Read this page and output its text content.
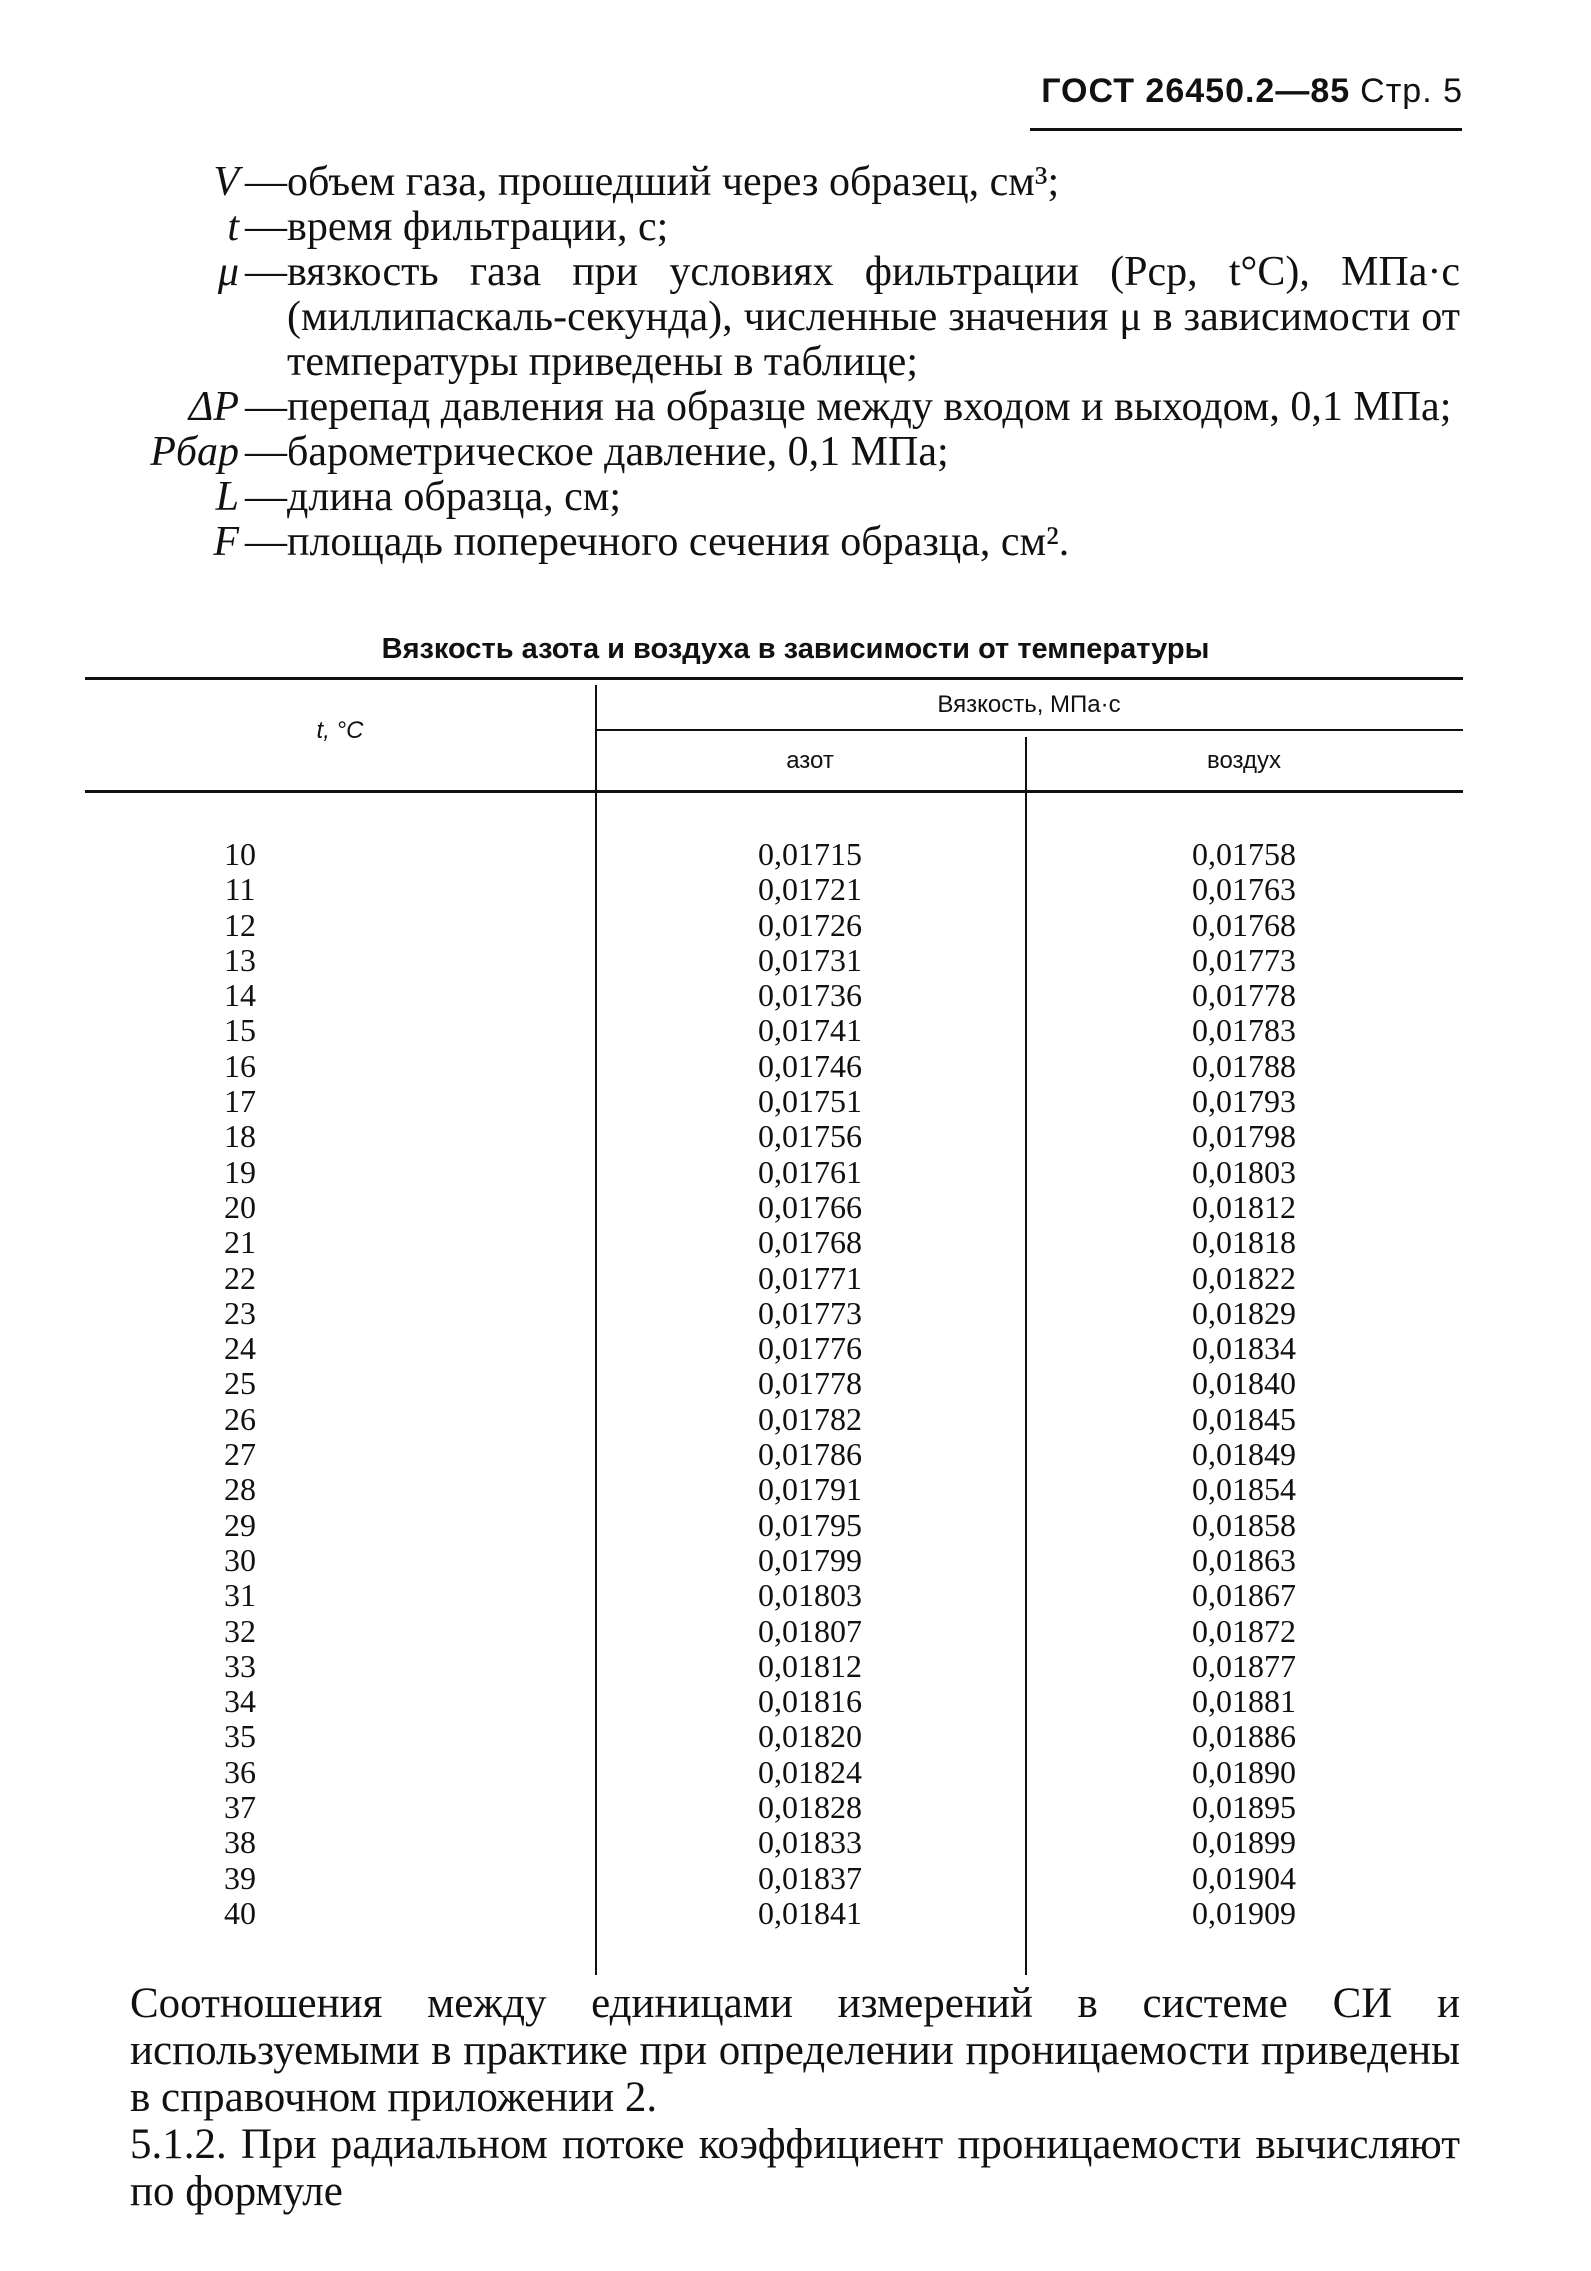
ГОСТ 26450.2—85 Стр. 5
V — объем газа, прошедший через образец, см³;
t — время фильтрации, с;
μ — вязкость газа при условиях фильтрации (Pср, t°C), МПа·с (миллипаскаль-секунда), численные значения μ в зависимости от температуры приведены в таблице;
ΔP — перепад давления на образце между входом и выходом, 0,1 МПа;
Pбар — барометрическое давление, 0,1 МПа;
L — длина образца, см;
F — площадь поперечного сечения образца, см².
Вязкость азота и воздуха в зависимости от температуры
t, °C
Вязкость, МПа·с
азот	воздух
10	0,01715	0,01758
11	0,01721	0,01763
12	0,01726	0,01768
13	0,01731	0,01773
14	0,01736	0,01778
15	0,01741	0,01783
16	0,01746	0,01788
17	0,01751	0,01793
18	0,01756	0,01798
19	0,01761	0,01803
20	0,01766	0,01812
21	0,01768	0,01818
22	0,01771	0,01822
23	0,01773	0,01829
24	0,01776	0,01834
25	0,01778	0,01840
26	0,01782	0,01845
27	0,01786	0,01849
28	0,01791	0,01854
29	0,01795	0,01858
30	0,01799	0,01863
31	0,01803	0,01867
32	0,01807	0,01872
33	0,01812	0,01877
34	0,01816	0,01881
35	0,01820	0,01886
36	0,01824	0,01890
37	0,01828	0,01895
38	0,01833	0,01899
39	0,01837	0,01904
40	0,01841	0,01909

Соотношения между единицами измерений в системе СИ и используемыми в практике при определении проницаемости приведены в справочном приложении 2.

5.1.2. При радиальном потоке коэффициент проницаемости вычисляют по формуле
